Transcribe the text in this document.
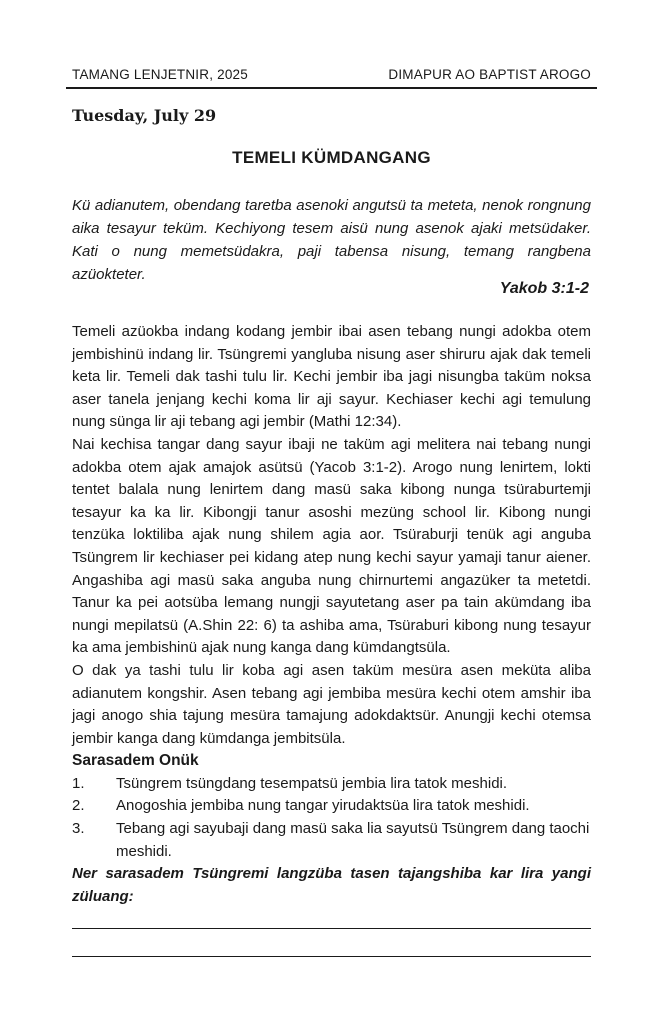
TAMANG LENJETNIR, 2025	DIMAPUR AO BAPTIST AROGO
Tuesday, July 29
TEMELI KÜMDANGANG
Kü adianutem, obendang taretba asenoki angutsü ta meteta, nenok rongnung aika tesayur teküm. Kechiyong tesem aisü nung asenok ajaki metsüdaker. Kati o nung memetsüdakra, paji tabensa nisung, temang rangbena azüokteter.
Yakob 3:1-2

Temeli azüokba indang kodang jembir ibai asen tebang nungi adokba otem jembishinü indang lir. Tsüngremi yangluba nisung aser shiruru ajak dak temeli keta lir. Temeli dak tashi tulu lir. Kechi jembir iba jagi nisungba taküm noksa aser tanela jenjang kechi koma lir aji sayur. Kechiaser kechi agi temulung nung sünga lir aji tebang agi jembir (Mathi 12:34).

Nai kechisa tangar dang sayur ibaji ne taküm agi melitera nai tebang nungi adokba otem ajak amajok asütsü (Yacob 3:1-2). Arogo nung lenirtem, lokti tentet balala nung lenirtem dang masü saka kibong nunga tsüraburtemji tesayur ka ka lir. Kibongji tanur asoshi mezüng school lir. Kibong nungi tenzüka loktiliba ajak nung shilem agia aor. Tsüraburji tenük agi anguba Tsüngrem lir kechiaser pei kidang atep nung kechi sayur yamaji tanur aiener. Angashiba agi masü saka anguba nung chirnurtemi angazüker ta metetdi. Tanur ka pei aotsüba lemang nungji sayutetang aser pa tain akümdang iba nungi mepilatsü (A.Shin 22: 6) ta ashiba ama, Tsüraburi kibong nung tesayur ka ama jembishinü ajak nung kanga dang kümdangtsüla.

O dak ya tashi tulu lir koba agi asen taküm mesüra asen meküta aliba adianutem kongshir. Asen tebang agi jembiba mesüra kechi otem amshir iba jagi anogo shia tajung mesüra tamajung adokdaktsür. Anungji kechi otemsa jembir kanga dang kümdanga jembitsüla.

Sarasadem Onük
1.	Tsüngrem tsüngdang tesempatsü jembia lira tatok meshidi.
2.	Anogoshia jembiba nung tangar yirudaktsüa lira tatok meshidi.
3.	Tebang agi sayubaji dang masü saka lia sayutsü Tsüngrem dang taochi meshidi.

Ner sarasadem Tsüngremi langzüba tasen tajangshiba kar lira yangi züluang:
